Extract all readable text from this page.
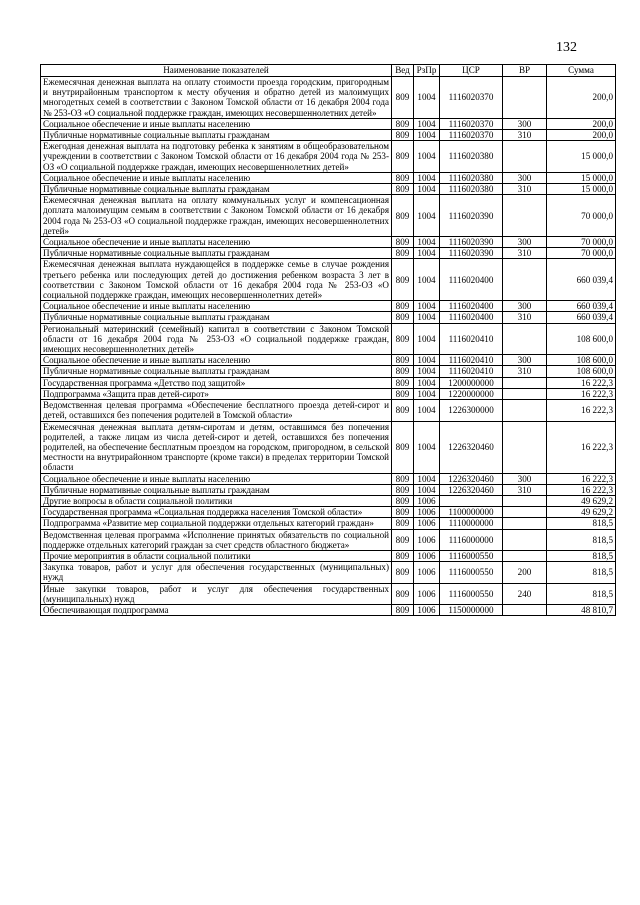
132
Наименование показателей	Вед	РзПр	ЦСР	ВР	Сумма
Ежемесячная денежная выплата на оплату стоимости проезда городским, пригородным и внутрирайонным транспортом к месту обучения и обратно детей из малоимущих многодетных семей в соответствии с Законом Томской области от 16 декабря 2004 года № 253-ОЗ «О социальной поддержке граждан, имеющих несовершеннолетних детей»	809	1004	1116020370		200,0
Социальное обеспечение и иные выплаты населению	809	1004	1116020370	300	200,0
Публичные нормативные социальные выплаты гражданам	809	1004	1116020370	310	200,0
Ежегодная денежная выплата на подготовку ребенка к занятиям в общеобразовательном учреждении в соответствии с Законом Томской области от 16 декабря 2004 года № 253-ОЗ «О социальной поддержке граждан, имеющих несовершеннолетних детей»	809	1004	1116020380		15 000,0
Социальное обеспечение и иные выплаты населению	809	1004	1116020380	300	15 000,0
Публичные нормативные социальные выплаты гражданам	809	1004	1116020380	310	15 000,0
Ежемесячная денежная выплата на оплату коммунальных услуг и компенсационная доплата малоимущим семьям в соответствии с Законом Томской области от 16 декабря 2004 года № 253-ОЗ «О социальной поддержке граждан, имеющих несовершеннолетних детей»	809	1004	1116020390		70 000,0
Социальное обеспечение и иные выплаты населению	809	1004	1116020390	300	70 000,0
Публичные нормативные социальные выплаты гражданам	809	1004	1116020390	310	70 000,0
Ежемесячная денежная выплата нуждающейся в поддержке семье в случае рождения третьего ребенка или последующих детей до достижения ребенком возраста 3 лет в соответствии с Законом Томской области от 16 декабря 2004 года № 253-ОЗ «О социальной поддержке граждан, имеющих несовершеннолетних детей»	809	1004	1116020400		660 039,4
Социальное обеспечение и иные выплаты населению	809	1004	1116020400	300	660 039,4
Публичные нормативные социальные выплаты гражданам	809	1004	1116020400	310	660 039,4
Региональный материнский (семейный) капитал в соответствии с Законом Томской области от 16 декабря 2004 года № 253-ОЗ «О социальной поддержке граждан, имеющих несовершеннолетних детей»	809	1004	1116020410		108 600,0
Социальное обеспечение и иные выплаты населению	809	1004	1116020410	300	108 600,0
Публичные нормативные социальные выплаты гражданам	809	1004	1116020410	310	108 600,0
Государственная программа «Детство под защитой»	809	1004	1200000000		16 222,3
Подпрограмма «Защита прав детей-сирот»	809	1004	1220000000		16 222,3
Ведомственная целевая программа «Обеспечение бесплатного проезда детей-сирот и детей, оставшихся без попечения родителей в Томской области»	809	1004	1226300000		16 222,3
Ежемесячная денежная выплата детям-сиротам и детям, оставшимся без попечения родителей, а также лицам из числа детей-сирот и детей, оставшихся без попечения родителей, на обеспечение бесплатным проездом на городском, пригородном, в сельской местности на внутрирайонном транспорте (кроме такси) в пределах территории Томской области	809	1004	1226320460		16 222,3
Социальное обеспечение и иные выплаты населению	809	1004	1226320460	300	16 222,3
Публичные нормативные социальные выплаты гражданам	809	1004	1226320460	310	16 222,3
Другие вопросы в области социальной политики	809	1006			49 629,2
Государственная программа «Социальная поддержка населения Томской области»	809	1006	1100000000		49 629,2
Подпрограмма «Развитие мер социальной поддержки отдельных категорий граждан»	809	1006	1110000000		818,5
Ведомственная целевая программа «Исполнение принятых обязательств по социальной поддержке отдельных категорий граждан за счет средств областного бюджета»	809	1006	1116000000		818,5
Прочие мероприятия в области социальной политики	809	1006	1116000550		818,5
Закупка товаров, работ и услуг для обеспечения государственных (муниципальных) нужд	809	1006	1116000550	200	818,5
Иные закупки товаров, работ и услуг для обеспечения государственных (муниципальных) нужд	809	1006	1116000550	240	818,5
Обеспечивающая подпрограмма	809	1006	1150000000		48 810,7
